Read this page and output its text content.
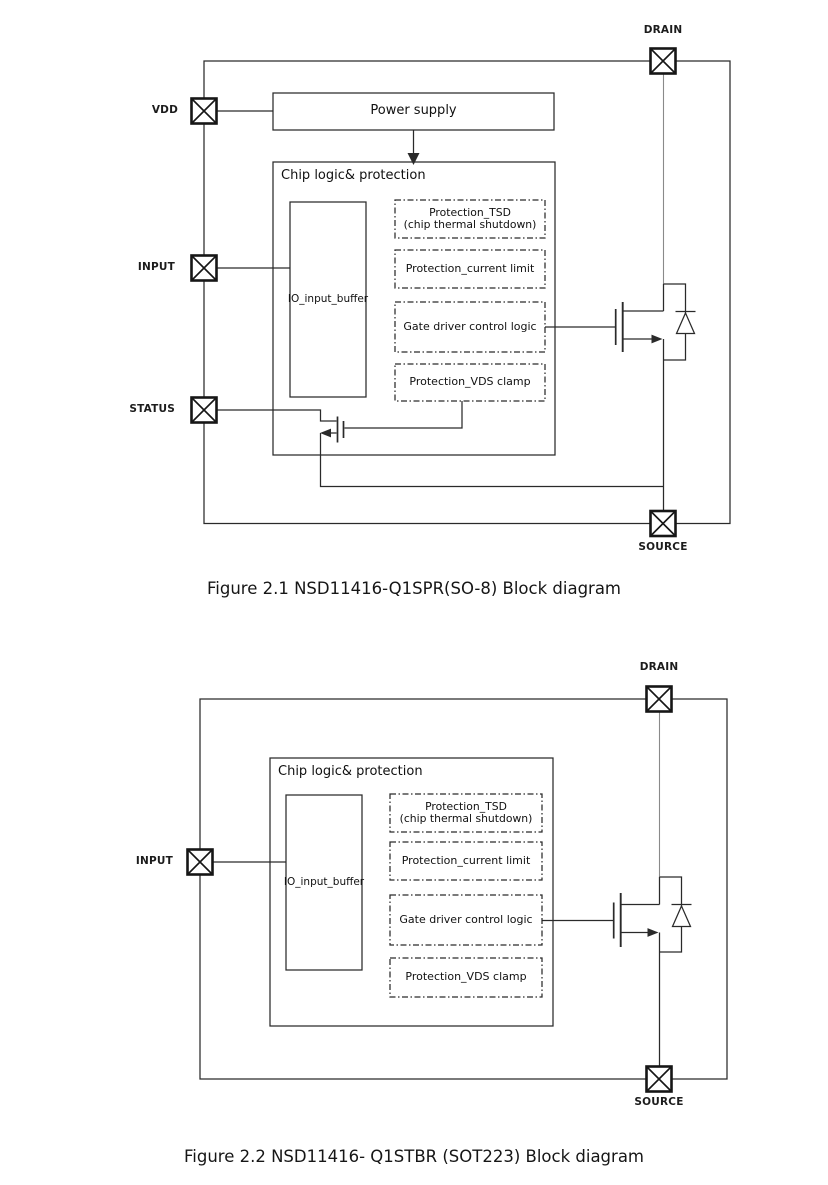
DRAIN
VDD
INPUT
STATUS
SOURCE
Power supply
Chip logic& protection
IO_input_buffer
Protection_TSD
(chip thermal shutdown)
Protection_current limit
Gate driver control logic
Protection_VDS clamp
Figure 2.1 NSD11416-Q1SPR(SO-8) Block diagram
DRAIN
INPUT
SOURCE
Chip logic& protection
IO_input_buffer
Protection_TSD
(chip thermal shutdown)
Protection_current limit
Gate driver control logic
Protection_VDS clamp
Figure 2.2 NSD11416- Q1STBR (SOT223) Block diagram
